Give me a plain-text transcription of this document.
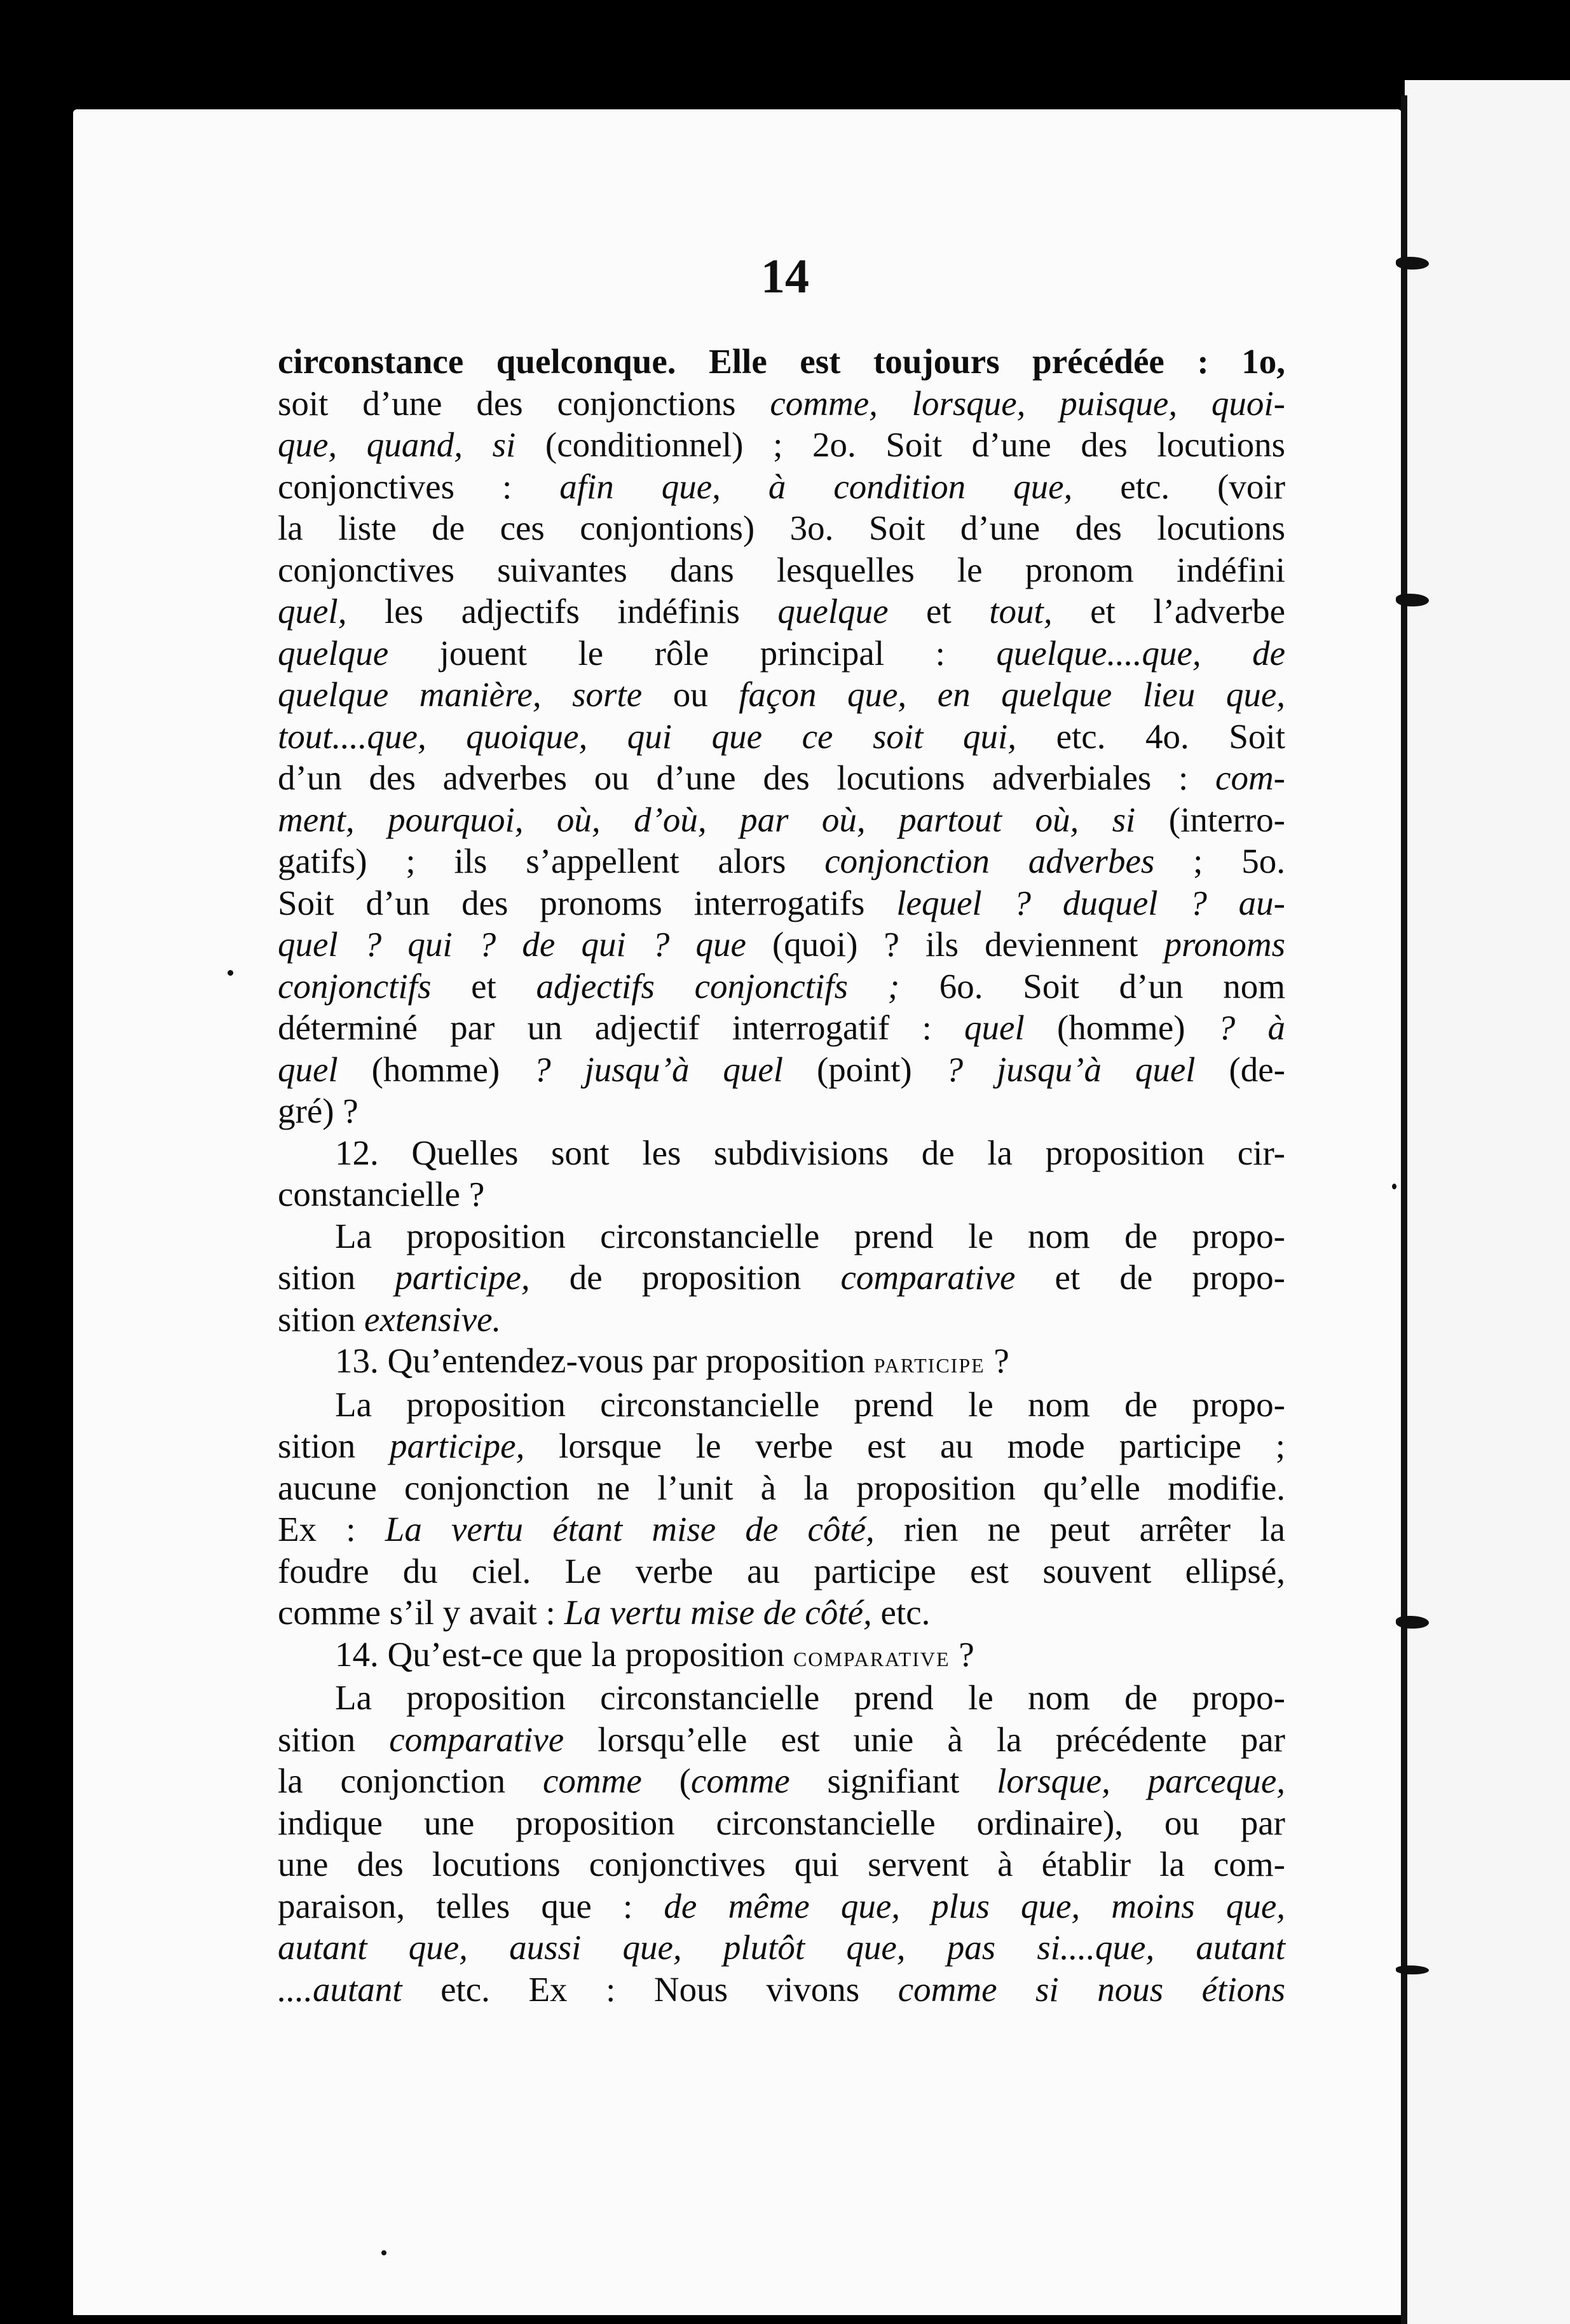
14
circonstance quelconque. Elle est toujours précédée : 1o,
soit d’une des conjonctions comme, lorsque, puisque, quoi-
que, quand, si (conditionnel) ; 2o. Soit d’une des locutions
conjonctives : afin que, à condition que, etc. (voir
la liste de ces conjontions) 3o. Soit d’une des locutions
conjonctives suivantes dans lesquelles le pronom indéfini
quel, les adjectifs indéfinis quelque et tout, et l’adverbe
quelque jouent le rôle principal : quelque....que, de
quelque manière, sorte ou façon que, en quelque lieu que,
tout....que, quoique, qui que ce soit qui, etc. 4o. Soit
d’un des adverbes ou d’une des locutions adverbiales : com-
ment, pourquoi, où, d’où, par où, partout où, si (interro-
gatifs) ; ils s’appellent alors conjonction adverbes ; 5o.
Soit d’un des pronoms interrogatifs lequel ? duquel ? au-
quel ? qui ? de qui ? que (quoi) ? ils deviennent pronoms
conjonctifs et adjectifs conjonctifs ; 6o. Soit d’un nom
déterminé par un adjectif interrogatif : quel (homme) ? à
quel (homme) ? jusqu’à quel (point) ? jusqu’à quel (de-
gré) ?
12. Quelles sont les subdivisions de la proposition cir-
constancielle ?
La proposition circonstancielle prend le nom de propo-
sition participe, de proposition comparative et de propo-
sition extensive.
13. Qu’entendez-vous par proposition participe ?
La proposition circonstancielle prend le nom de propo-
sition participe, lorsque le verbe est au mode participe ;
aucune conjonction ne l’unit à la proposition qu’elle modifie.
Ex : La vertu étant mise de côté, rien ne peut arrêter la
foudre du ciel. Le verbe au participe est souvent ellipsé,
comme s’il y avait : La vertu mise de côté, etc.
14. Qu’est-ce que la proposition comparative ?
La proposition circonstancielle prend le nom de propo-
sition comparative lorsqu’elle est unie à la précédente par
la conjonction comme (comme signifiant lorsque, parceque,
indique une proposition circonstancielle ordinaire), ou par
une des locutions conjonctives qui servent à établir la com-
paraison, telles que : de même que, plus que, moins que,
autant que, aussi que, plutôt que, pas si....que, autant
....autant etc. Ex : Nous vivons comme si nous étions
